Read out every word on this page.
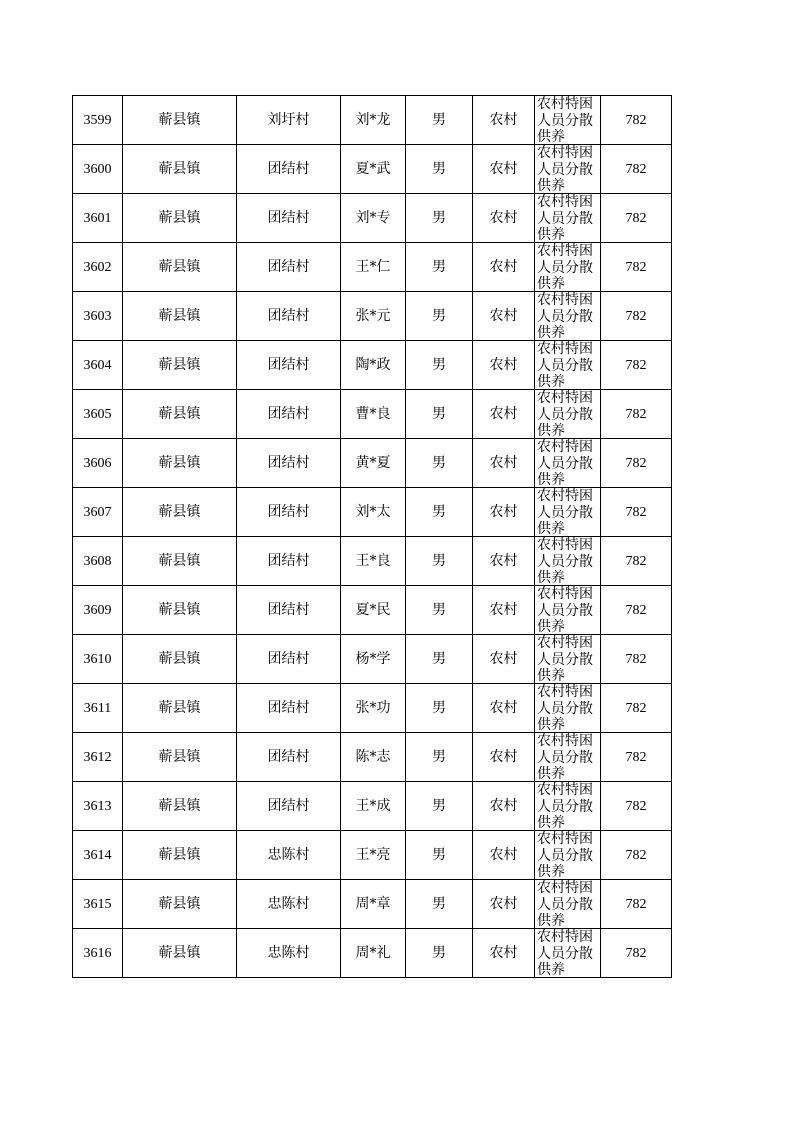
3599	蕲县镇	刘圩村	刘*龙	男	农村	农村特困人员分散供养	782
3600	蕲县镇	团结村	夏*武	男	农村	农村特困人员分散供养	782
3601	蕲县镇	团结村	刘*专	男	农村	农村特困人员分散供养	782
3602	蕲县镇	团结村	王*仁	男	农村	农村特困人员分散供养	782
3603	蕲县镇	团结村	张*元	男	农村	农村特困人员分散供养	782
3604	蕲县镇	团结村	陶*政	男	农村	农村特困人员分散供养	782
3605	蕲县镇	团结村	曹*良	男	农村	农村特困人员分散供养	782
3606	蕲县镇	团结村	黄*夏	男	农村	农村特困人员分散供养	782
3607	蕲县镇	团结村	刘*太	男	农村	农村特困人员分散供养	782
3608	蕲县镇	团结村	王*良	男	农村	农村特困人员分散供养	782
3609	蕲县镇	团结村	夏*民	男	农村	农村特困人员分散供养	782
3610	蕲县镇	团结村	杨*学	男	农村	农村特困人员分散供养	782
3611	蕲县镇	团结村	张*功	男	农村	农村特困人员分散供养	782
3612	蕲县镇	团结村	陈*志	男	农村	农村特困人员分散供养	782
3613	蕲县镇	团结村	王*成	男	农村	农村特困人员分散供养	782
3614	蕲县镇	忠陈村	王*亮	男	农村	农村特困人员分散供养	782
3615	蕲县镇	忠陈村	周*章	男	农村	农村特困人员分散供养	782
3616	蕲县镇	忠陈村	周*礼	男	农村	农村特困人员分散供养	782
